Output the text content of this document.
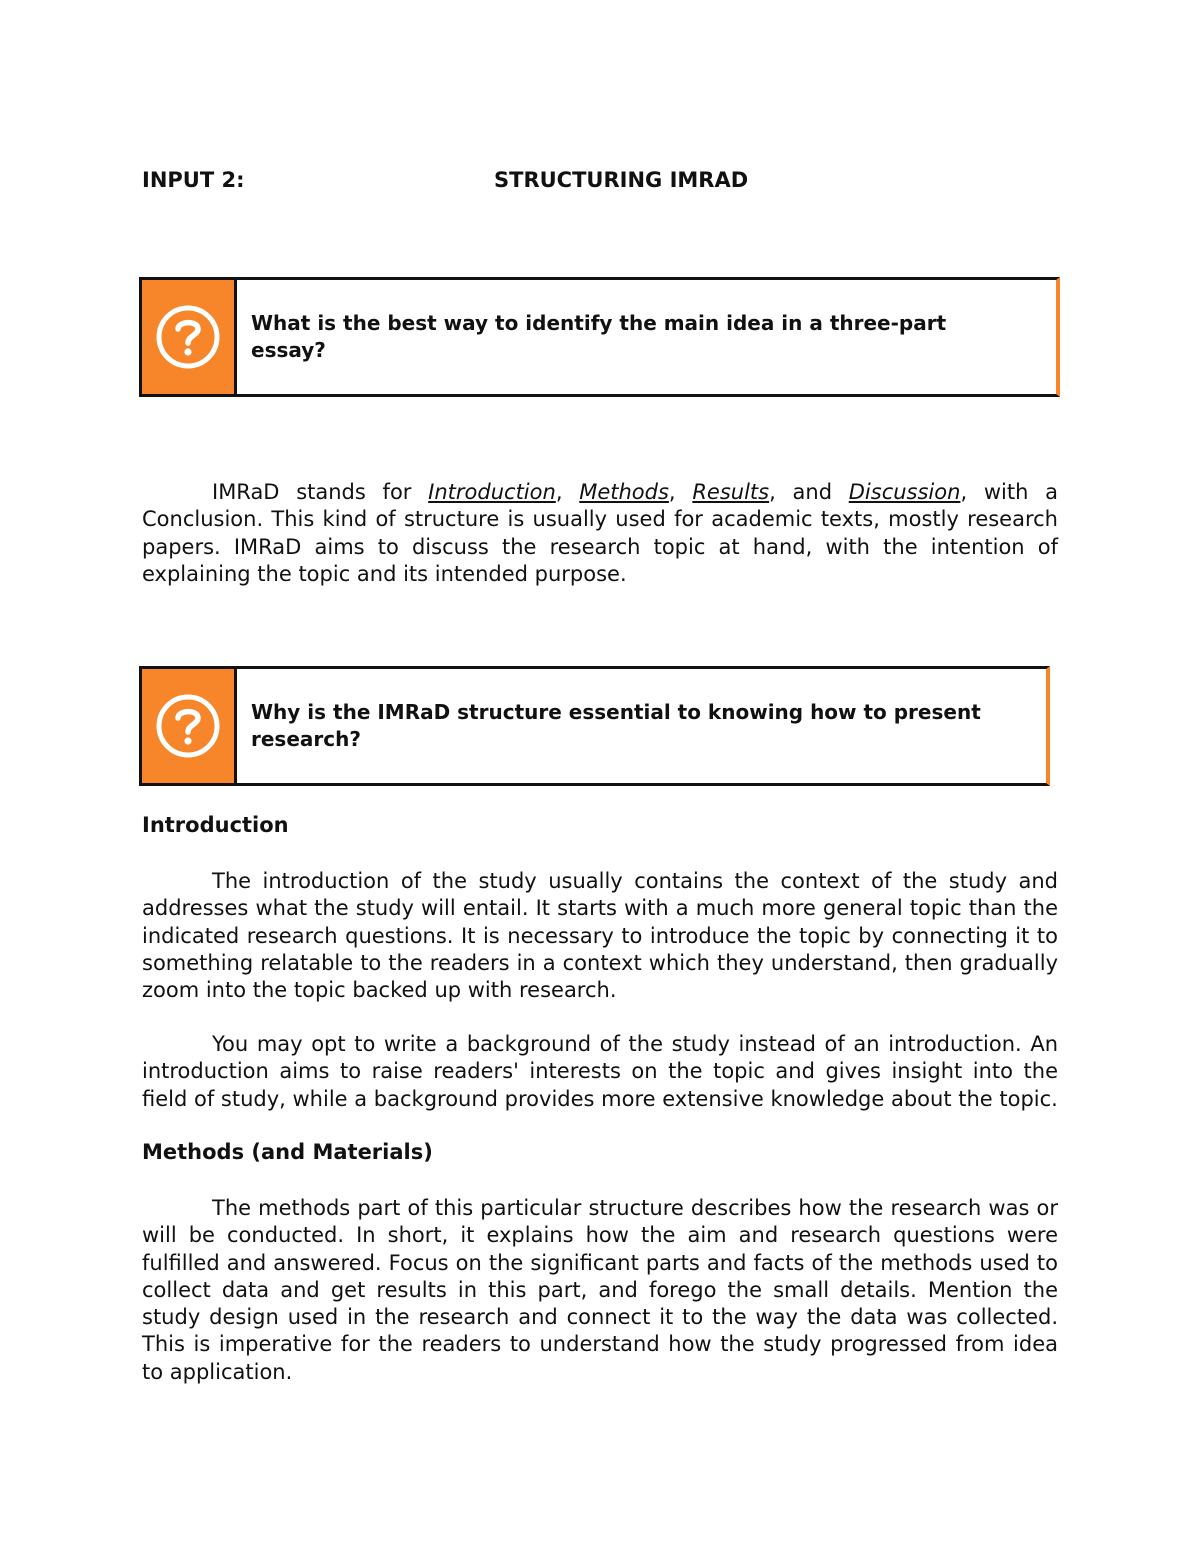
INPUT 2:	STRUCTURING IMRAD
What is the best way to identify the main idea in a three-part essay?

IMRaD stands for Introduction, Methods, Results, and Discussion, with a Conclusion. This kind of structure is usually used for academic texts, mostly research papers. IMRaD aims to discuss the research topic at hand, with the intention of explaining the topic and its intended purpose.

Why is the IMRaD structure essential to knowing how to present research?
Introduction

The introduction of the study usually contains the context of the study and addresses what the study will entail. It starts with a much more general topic than the indicated research questions. It is necessary to introduce the topic by connecting it to something relatable to the readers in a context which they understand, then gradually zoom into the topic backed up with research.

You may opt to write a background of the study instead of an introduction. An introduction aims to raise readers' interests on the topic and gives insight into the field of study, while a background provides more extensive knowledge about the topic.

Methods (and Materials)

The methods part of this particular structure describes how the research was or will be conducted. In short, it explains how the aim and research questions were fulfilled and answered. Focus on the significant parts and facts of the methods used to collect data and get results in this part, and forego the small details. Mention the study design used in the research and connect it to the way the data was collected. This is imperative for the readers to understand how the study progressed from idea to application.
